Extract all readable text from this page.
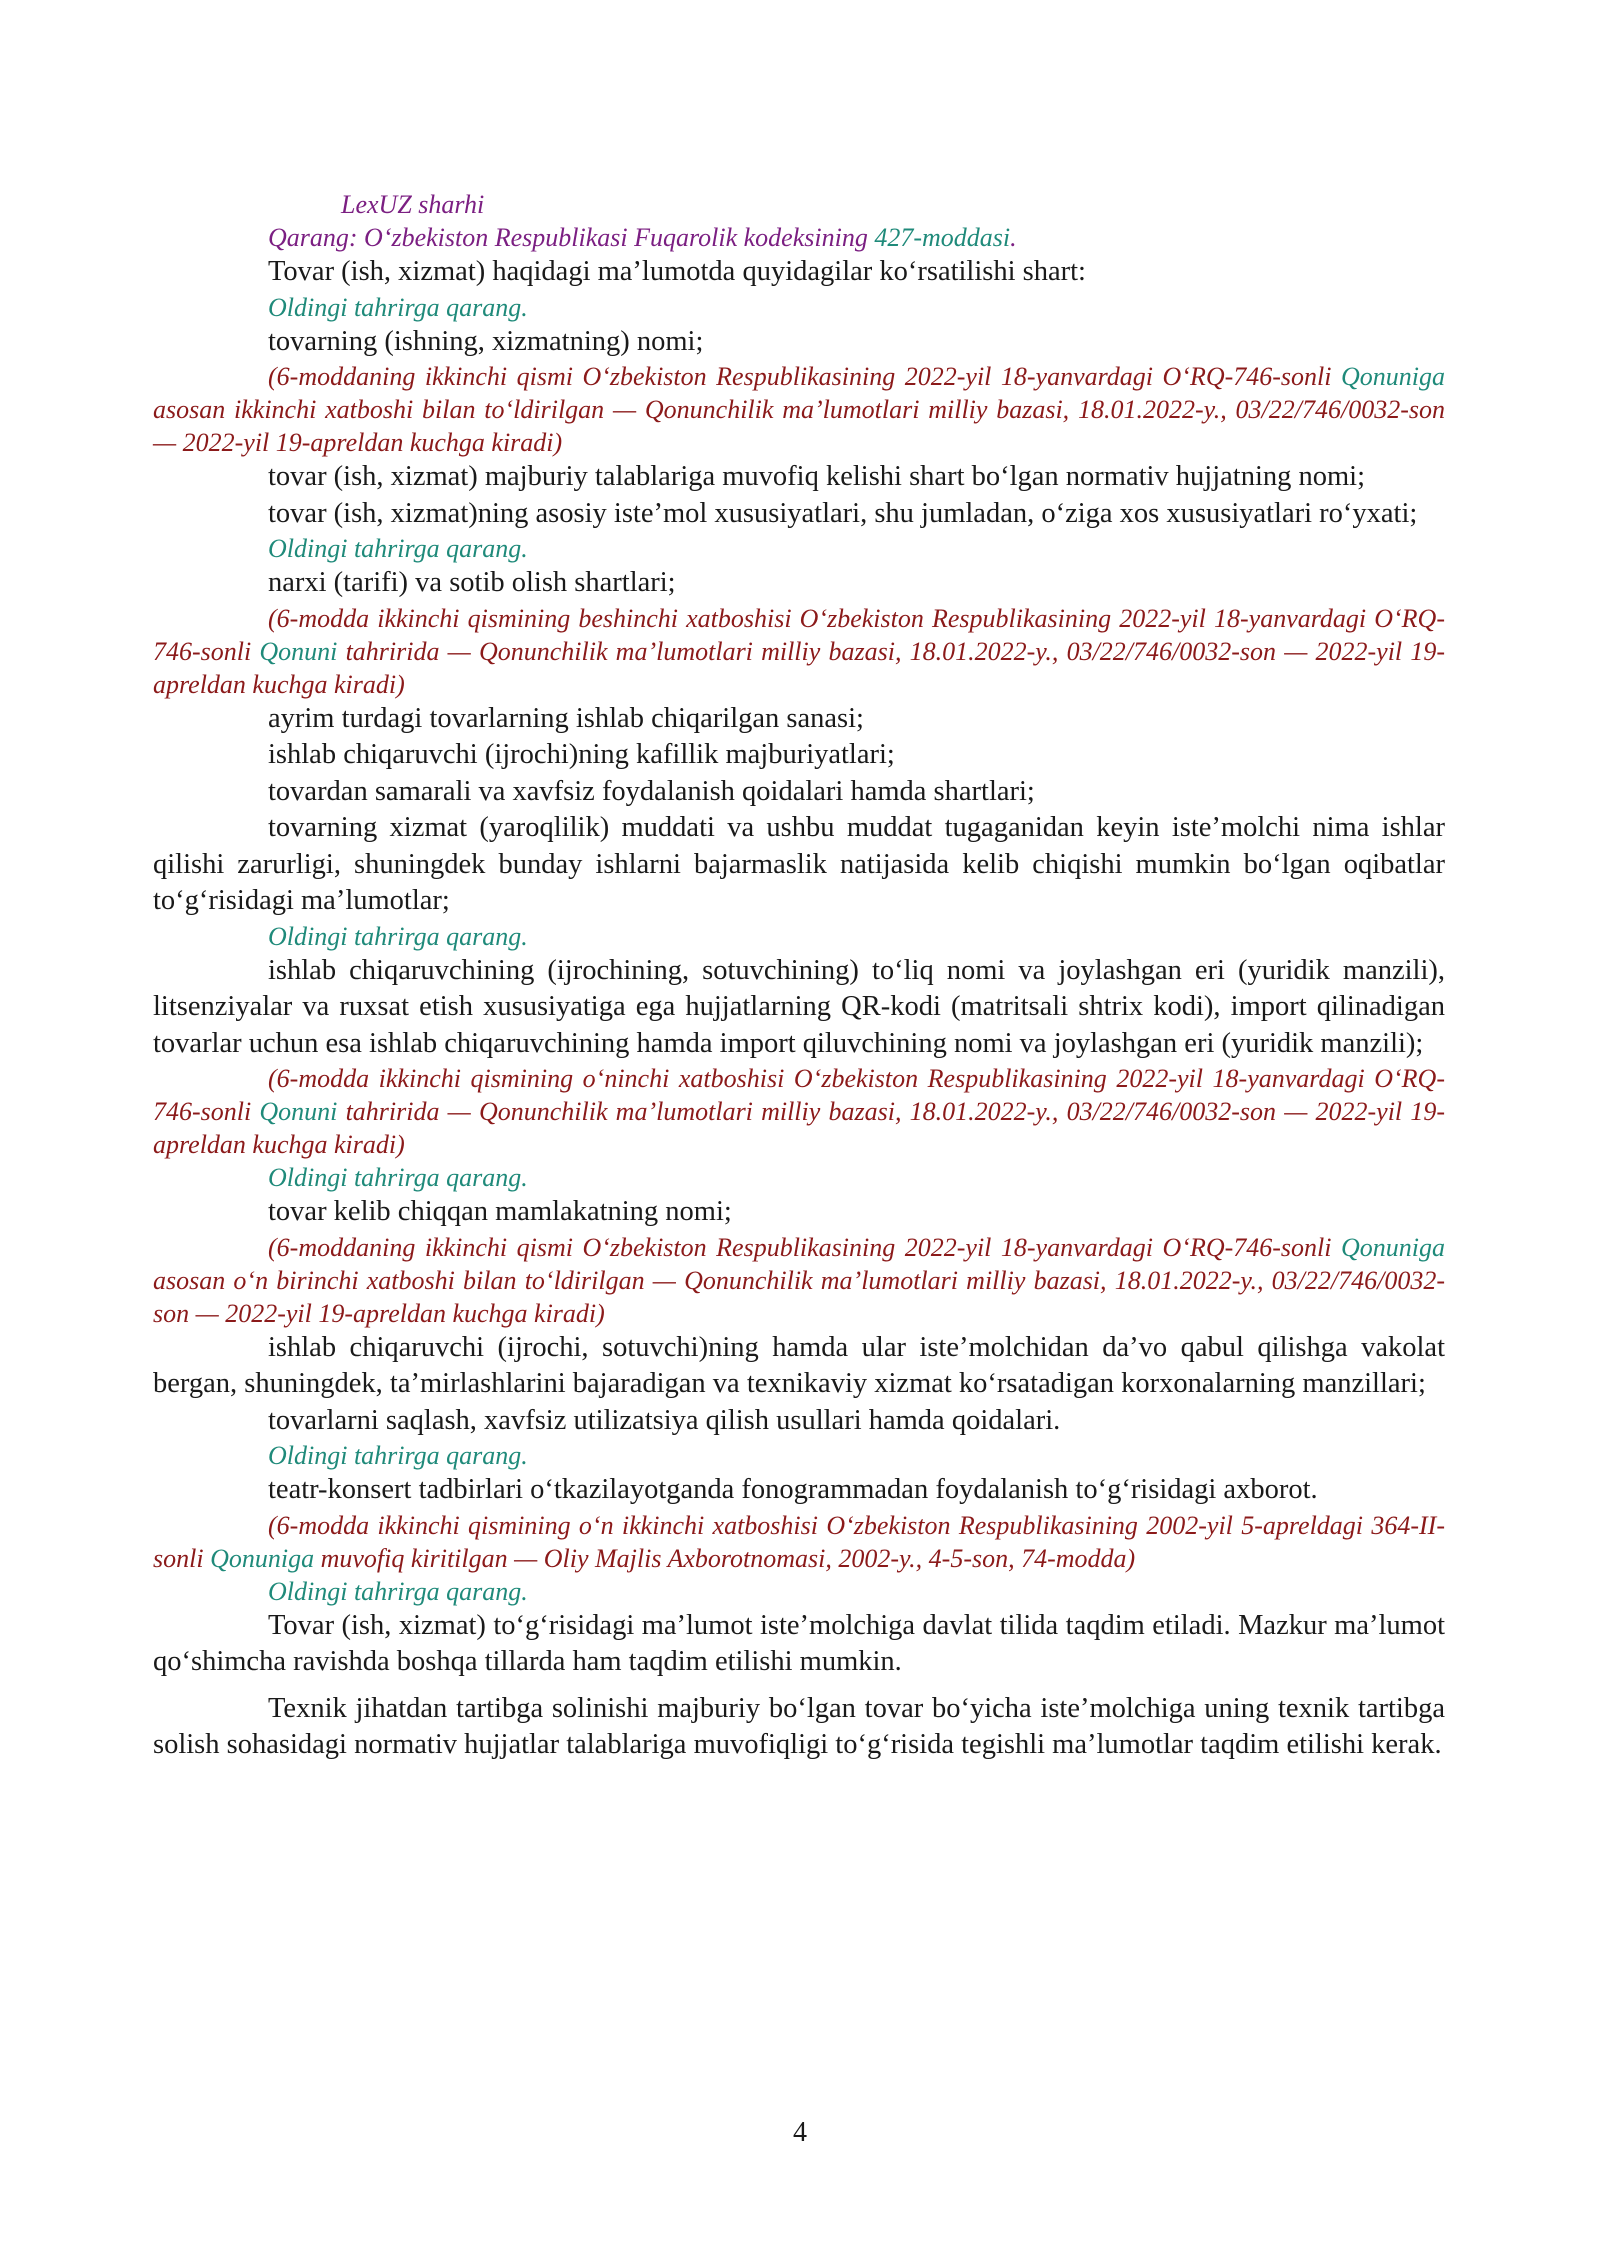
LexUZ sharhi

Qarang: O‘zbekiston Respublikasi Fuqarolik kodeksining 427-moddasi.

Tovar (ish, xizmat) haqidagi ma’lumotda quyidagilar ko‘rsatilishi shart:

Oldingi tahrirga qarang.

tovarning (ishning, xizmatning) nomi;

(6-moddaning ikkinchi qismi O‘zbekiston Respublikasining 2022-yil 18-yanvardagi O‘RQ-746-sonli Qonuniga asosan ikkinchi xatboshi bilan to‘ldirilgan — Qonunchilik ma’lumotlari milliy bazasi, 18.01.2022-y., 03/22/746/0032-son — 2022-yil 19-apreldan kuchga kiradi)

tovar (ish, xizmat) majburiy talablariga muvofiq kelishi shart bo‘lgan normativ hujjatning nomi;

tovar (ish, xizmat)ning asosiy iste’mol xususiyatlari, shu jumladan, o‘ziga xos xususiyatlari ro‘yxati;

Oldingi tahrirga qarang.

narxi (tarifi) va sotib olish shartlari;

(6-modda ikkinchi qismining beshinchi xatboshisi O‘zbekiston Respublikasining 2022-yil 18-yanvardagi O‘RQ-746-sonli Qonuni tahririda — Qonunchilik ma’lumotlari milliy bazasi, 18.01.2022-y., 03/22/746/0032-son — 2022-yil 19-apreldan kuchga kiradi)

ayrim turdagi tovarlarning ishlab chiqarilgan sanasi;

ishlab chiqaruvchi (ijrochi)ning kafillik majburiyatlari;

tovardan samarali va xavfsiz foydalanish qoidalari hamda shartlari;

tovarning xizmat (yaroqlilik) muddati va ushbu muddat tugaganidan keyin iste’molchi nima ishlar qilishi zarurligi, shuningdek bunday ishlarni bajarmaslik natijasida kelib chiqishi mumkin bo‘lgan oqibatlar to‘g‘risidagi ma’lumotlar;

Oldingi tahrirga qarang.

ishlab chiqaruvchining (ijrochining, sotuvchining) to‘liq nomi va joylashgan eri (yuridik manzili), litsenziyalar va ruxsat etish xususiyatiga ega hujjatlarning QR-kodi (matritsali shtrix kodi), import qilinadigan tovarlar uchun esa ishlab chiqaruvchining hamda import qiluvchining nomi va joylashgan eri (yuridik manzili);

(6-modda ikkinchi qismining o‘ninchi xatboshisi O‘zbekiston Respublikasining 2022-yil 18-yanvardagi O‘RQ-746-sonli Qonuni tahririda — Qonunchilik ma’lumotlari milliy bazasi, 18.01.2022-y., 03/22/746/0032-son — 2022-yil 19-apreldan kuchga kiradi)

Oldingi tahrirga qarang.

tovar kelib chiqqan mamlakatning nomi;

(6-moddaning ikkinchi qismi O‘zbekiston Respublikasining 2022-yil 18-yanvardagi O‘RQ-746-sonli Qonuniga asosan o‘n birinchi xatboshi bilan to‘ldirilgan — Qonunchilik ma’lumotlari milliy bazasi, 18.01.2022-y., 03/22/746/0032-son — 2022-yil 19-apreldan kuchga kiradi)

ishlab chiqaruvchi (ijrochi, sotuvchi)ning hamda ular iste’molchidan da’vo qabul qilishga vakolat bergan, shuningdek, ta’mirlashlarini bajaradigan va texnikaviy xizmat ko‘rsatadigan korxonalarning manzillari;

tovarlarni saqlash, xavfsiz utilizatsiya qilish usullari hamda qoidalari.

Oldingi tahrirga qarang.

teatr-konsert tadbirlari o‘tkazilayotganda fonogrammadan foydalanish to‘g‘risidagi axborot.

(6-modda ikkinchi qismining o‘n ikkinchi xatboshisi O‘zbekiston Respublikasining 2002-yil 5-apreldagi 364-II-sonli Qonuniga muvofiq kiritilgan — Oliy Majlis Axborotnomasi, 2002-y., 4-5-son, 74-modda)

Oldingi tahrirga qarang.

Tovar (ish, xizmat) to‘g‘risidagi ma’lumot iste’molchiga davlat tilida taqdim etiladi. Mazkur ma’lumot qo‘shimcha ravishda boshqa tillarda ham taqdim etilishi mumkin.

Texnik jihatdan tartibga solinishi majburiy bo‘lgan tovar bo‘yicha iste’molchiga uning texnik tartibga solish sohasidagi normativ hujjatlar talablariga muvofiqligi to‘g‘risida tegishli ma’lumotlar taqdim etilishi kerak.

4
